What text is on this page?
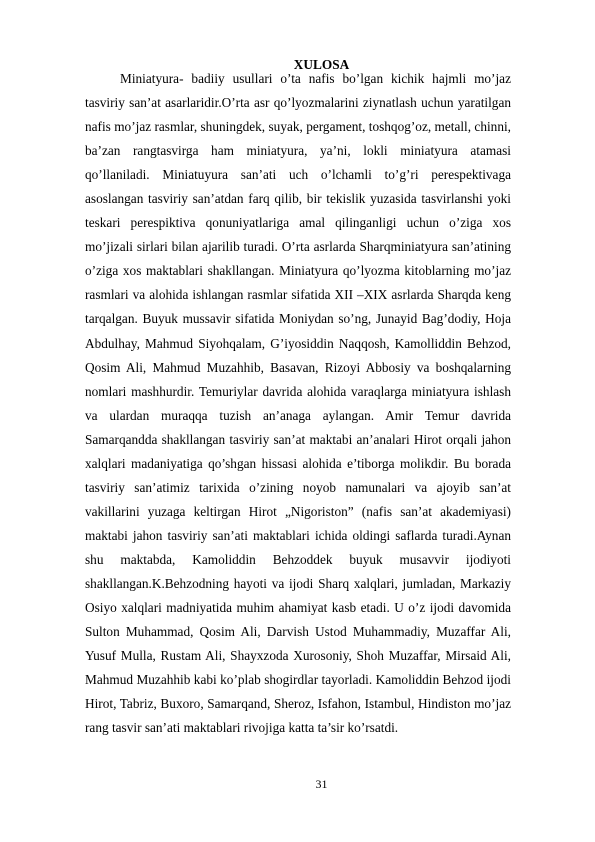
XULOSA

Miniatyura- badiiy usullari o’ta nafis bo’lgan kichik hajmli mo’jaz tasviriy san’at asarlaridir.O’rta asr qo’lyozmalarini ziynatlash uchun yaratilgan nafis mo’jaz rasmlar, shuningdek, suyak, pergament, toshqog’oz, metall, chinni, ba’zan rangtasvirga ham miniatyura, ya’ni, lokli miniatyura atamasi qo’llaniladi. Miniatuyura san’ati uch o’lchamli to’g’ri perespektivaga asoslangan tasviriy san’atdan farq qilib, bir tekislik yuzasida tasvirlanshi yoki teskari perespiktiva qonuniyatlariga amal qilinganligi uchun o’ziga xos mo’jizali sirlari bilan ajarilib turadi. O’rta asrlarda Sharqminiatyura san’atining o’ziga xos maktablari shakllangan. Miniatyura qo’lyozma kitoblarning mo’jaz rasmlari va alohida ishlangan rasmlar sifatida XII –XIX asrlarda Sharqda keng tarqalgan. Buyuk mussavir sifatida Moniydan so’ng, Junayid Bag’dodiy, Hoja Abdulhay, Mahmud Siyohqalam, G’iyosiddin Naqqosh, Kamolliddin Behzod, Qosim Ali, Mahmud Muzahhib, Basavan, Rizoyi Abbosiy va boshqalarning nomlari mashhurdir. Temuriylar davrida alohida varaqlarga miniatyura ishlash va ulardan muraqqa tuzish an’anaga aylangan. Amir Temur davrida Samarqandda shakllangan tasviriy san’at maktabi an’analari Hirot orqali jahon xalqlari madaniyatiga qo’shgan hissasi alohida e’tiborga molikdir. Bu borada tasviriy san’atimiz tarixida o’zining noyob namunalari va ajoyib san’at vakillarini yuzaga keltirgan Hirot „Nigoriston” (nafis san’at akademiyasi) maktabi jahon tasviriy san’ati maktablari ichida oldingi saflarda turadi.Aynan shu maktabda, Kamoliddin Behzoddek buyuk musavvir ijodiyoti shakllangan.K.Behzodning hayoti va ijodi Sharq xalqlari, jumladan, Markaziy Osiyo xalqlari madniyatida muhim ahamiyat kasb etadi. U o’z ijodi davomida Sulton Muhammad, Qosim Ali, Darvish Ustod Muhammadiy, Muzaffar Ali, Yusuf Mulla, Rustam Ali, Shayxzoda Xurosoniy, Shoh Muzaffar, Mirsaid Ali, Mahmud Muzahhib kabi ko’plab shogirdlar tayorladi. Kamoliddin Behzod ijodi Hirot, Tabriz, Buxoro, Samarqand, Sheroz, Isfahon, Istambul, Hindiston mo’jaz rang tasvir san’ati maktablari rivojiga katta ta’sir ko’rsatdi.

31
